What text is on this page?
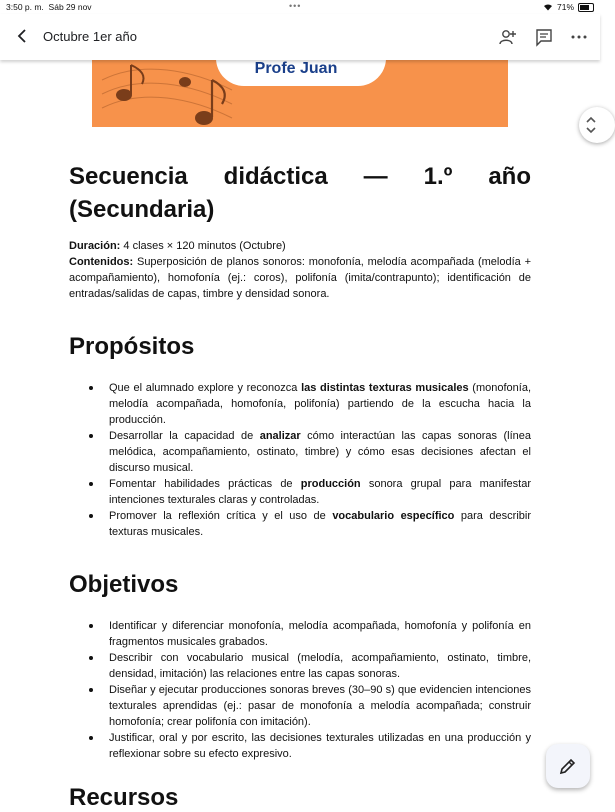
3:50 p. m. Sáb 29 nov	•••	71%
Octubre 1er año
Profe Juan
Secuencia didáctica — 1.º año
(Secundaria)
Duración: 4 clases × 120 minutos (Octubre)
Contenidos: Superposición de planos sonoros: monofonía, melodía acompañada (melodía + acompañamiento), homofonía (ej.: coros), polifonía (imita/contrapunto); identificación de entradas/salidas de capas, timbre y densidad sonora.
Propósitos
Que el alumnado explore y reconozca las distintas texturas musicales (monofonía, melodía acompañada, homofonía, polifonía) partiendo de la escucha hacia la producción.
Desarrollar la capacidad de analizar cómo interactúan las capas sonoras (línea melódica, acompañamiento, ostinato, timbre) y cómo esas decisiones afectan el discurso musical.
Fomentar habilidades prácticas de producción sonora grupal para manifestar intenciones texturales claras y controladas.
Promover la reflexión crítica y el uso de vocabulario específico para describir texturas musicales.
Objetivos
Identificar y diferenciar monofonía, melodía acompañada, homofonía y polifonía en fragmentos musicales grabados.
Describir con vocabulario musical (melodía, acompañamiento, ostinato, timbre, densidad, imitación) las relaciones entre las capas sonoras.
Diseñar y ejecutar producciones sonoras breves (30–90 s) que evidencien intenciones texturales aprendidas (ej.: pasar de monofonía a melodía acompañada; construir homofonía; crear polifonía con imitación).
Justificar, oral y por escrito, las decisiones texturales utilizadas en una producción y reflexionar sobre su efecto expresivo.
Recursos
